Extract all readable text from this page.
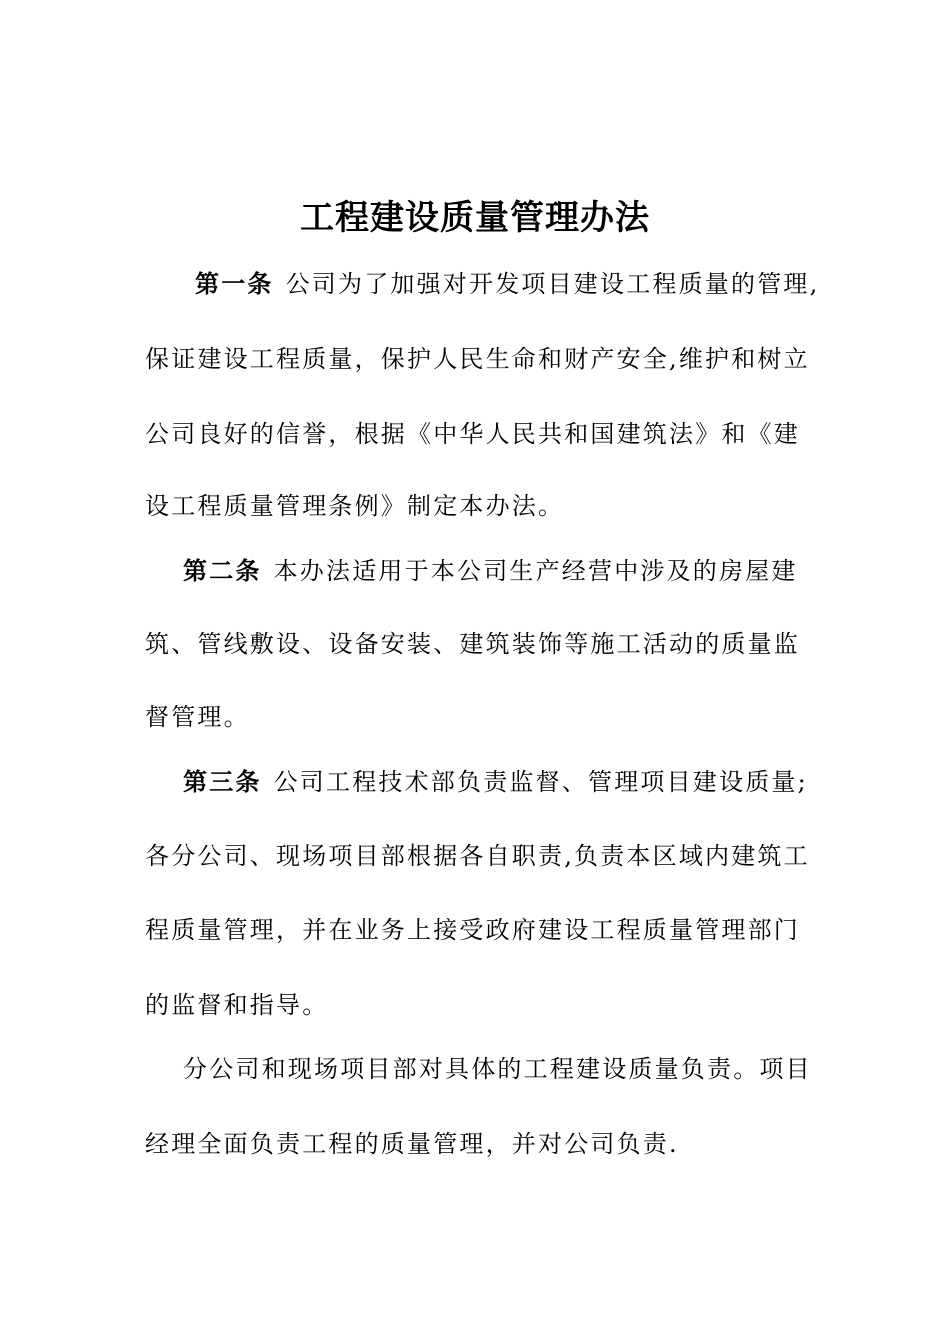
工程建设质量管理办法
第一条 公司为了加强对开发项目建设工程质量的管理,
保证建设工程质量，保护人民生命和财产安全,维护和树立
公司良好的信誉，根据《中华人民共和国建筑法》和《建
设工程质量管理条例》制定本办法。
第二条 本办法适用于本公司生产经营中涉及的房屋建
筑、管线敷设、设备安装、建筑装饰等施工活动的质量监
督管理。
第三条 公司工程技术部负责监督、管理项目建设质量;
各分公司、现场项目部根据各自职责,负责本区域内建筑工
程质量管理，并在业务上接受政府建设工程质量管理部门
的监督和指导。
分公司和现场项目部对具体的工程建设质量负责。项目
经理全面负责工程的质量管理，并对公司负责.
